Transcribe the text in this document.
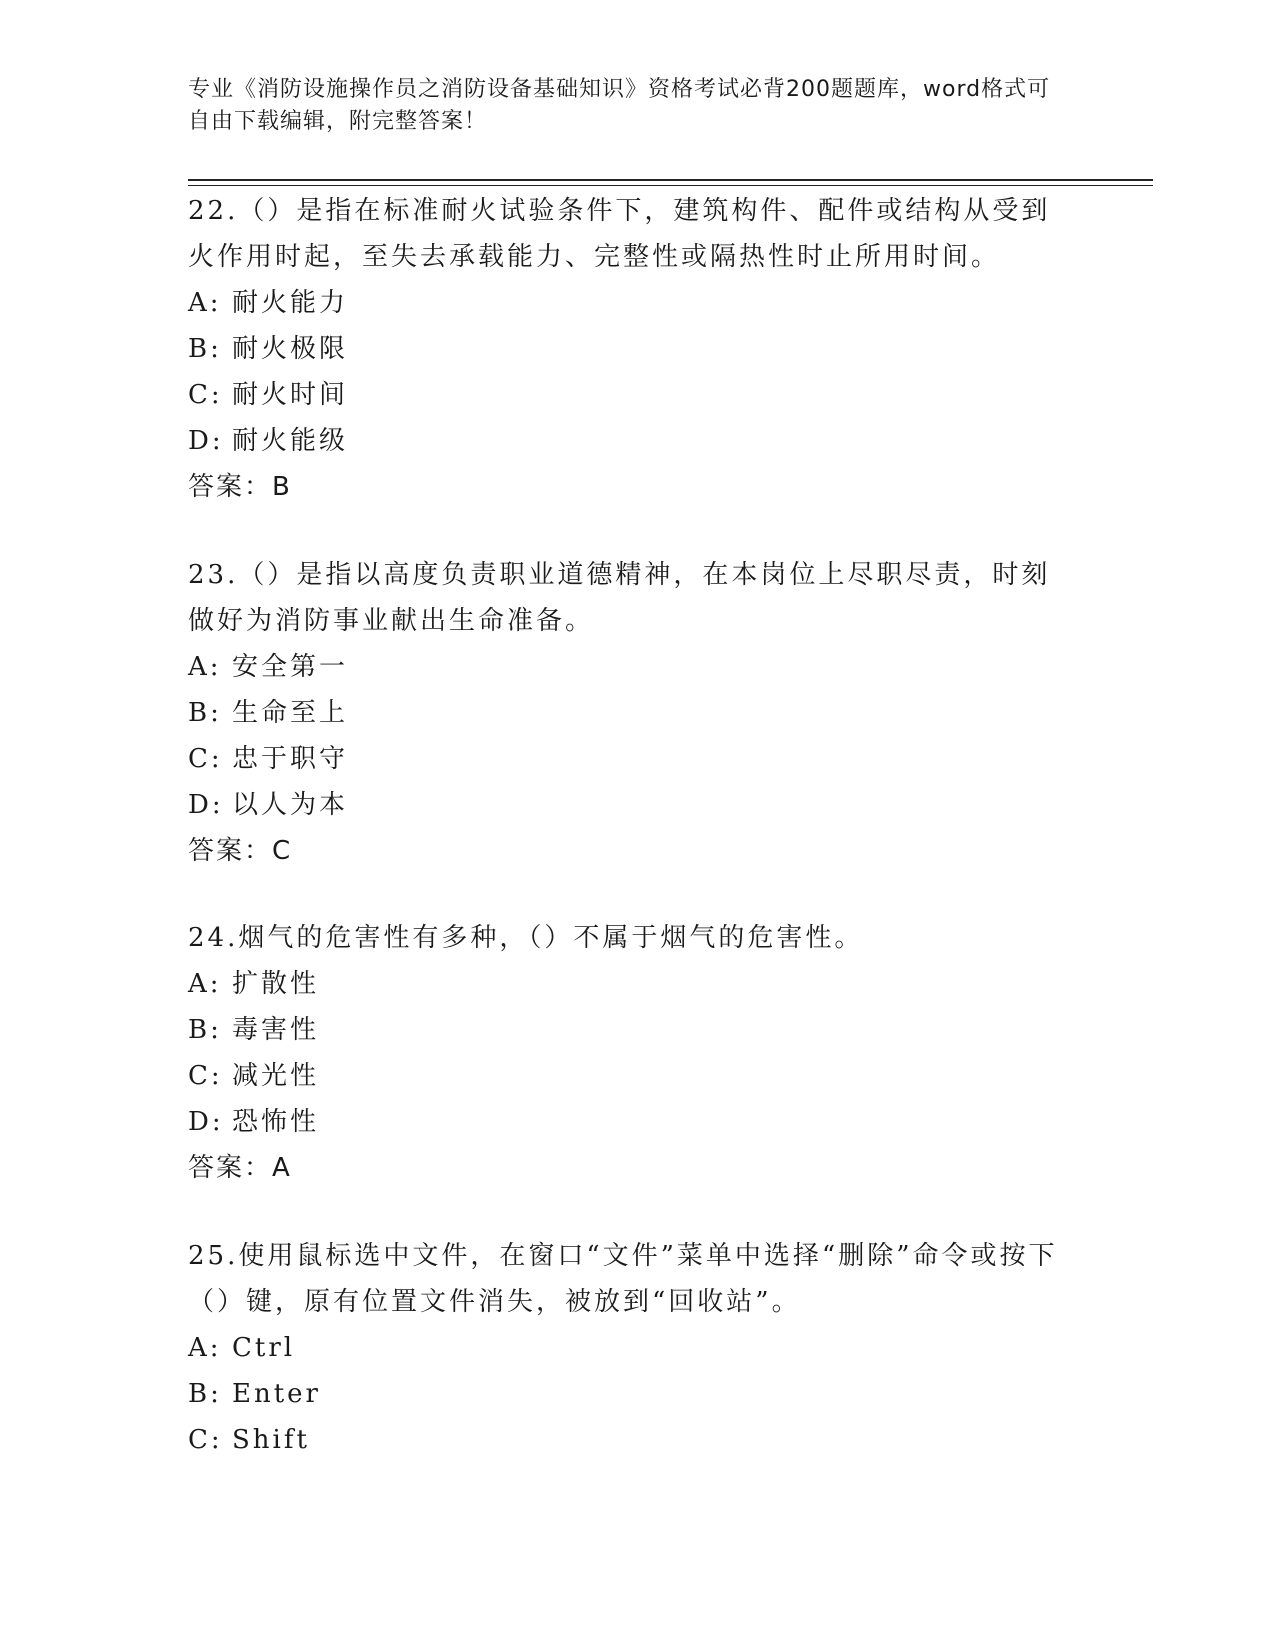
专业《消防设施操作员之消防设备基础知识》资格考试必背200题题库，word格式可自由下载编辑，附完整答案！

22.（）是指在标准耐火试验条件下，建筑构件、配件或结构从受到火作用时起，至失去承载能力、完整性或隔热性时止所用时间。

A: 耐火能力

B: 耐火极限

C: 耐火时间

D: 耐火能级

答案：B

23.（）是指以高度负责职业道德精神，在本岗位上尽职尽责，时刻做好为消防事业献出生命准备。

A: 安全第一

B: 生命至上

C: 忠于职守

D: 以人为本

答案：C

24.烟气的危害性有多种，（）不属于烟气的危害性。

A: 扩散性

B: 毒害性

C: 减光性

D: 恐怖性

答案：A

25.使用鼠标选中文件，在窗口“文件”菜单中选择“删除”命令或按下（）键，原有位置文件消失，被放到“回收站”。

A: Ctrl

B: Enter

C: Shift
